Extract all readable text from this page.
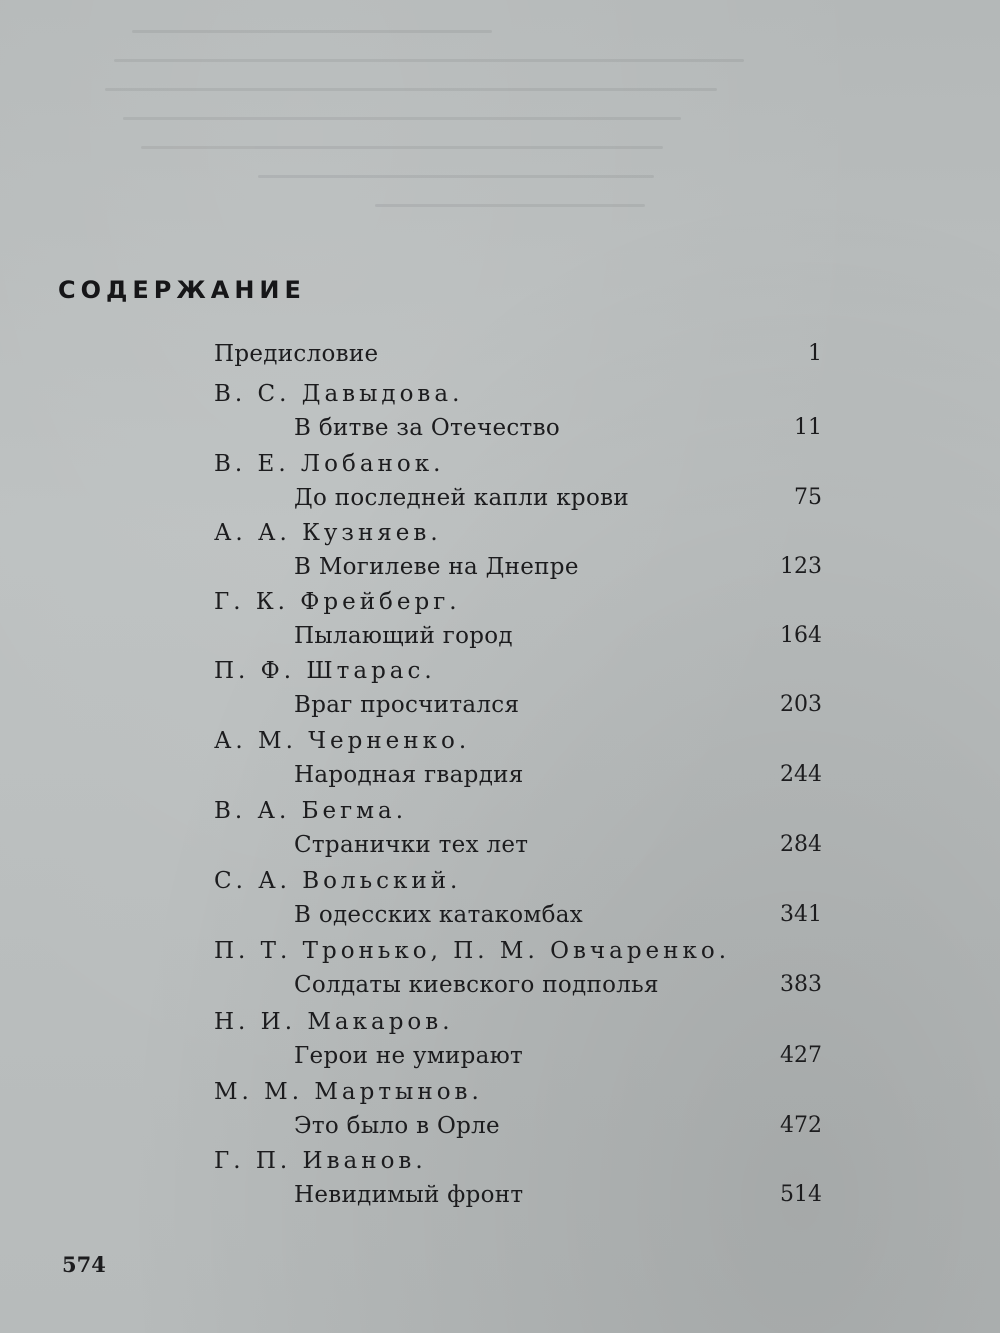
СОДЕРЖАНИЕ
Предисловие	1
В. С. Давыдова.
В битве за Отечество	11
В. Е. Лобанок.
До последней капли крови	75
А. А. Кузняев.
В Могилеве на Днепре	123
Г. К. Фрейберг.
Пылающий город	164
П. Ф. Штарас.
Враг просчитался	203
А. М. Черненко.
Народная гвардия	244
В. А. Бегма.
Странички тех лет	284
С. А. Вольский.
В одесских катакомбах	341
П. Т. Тронько, П. М. Овчаренко.
Солдаты киевского подполья	383
Н. И. Макаров.
Герои не умирают	427
М. М. Мартынов.
Это было в Орле	472
Г. П. Иванов.
Невидимый фронт	514
574
